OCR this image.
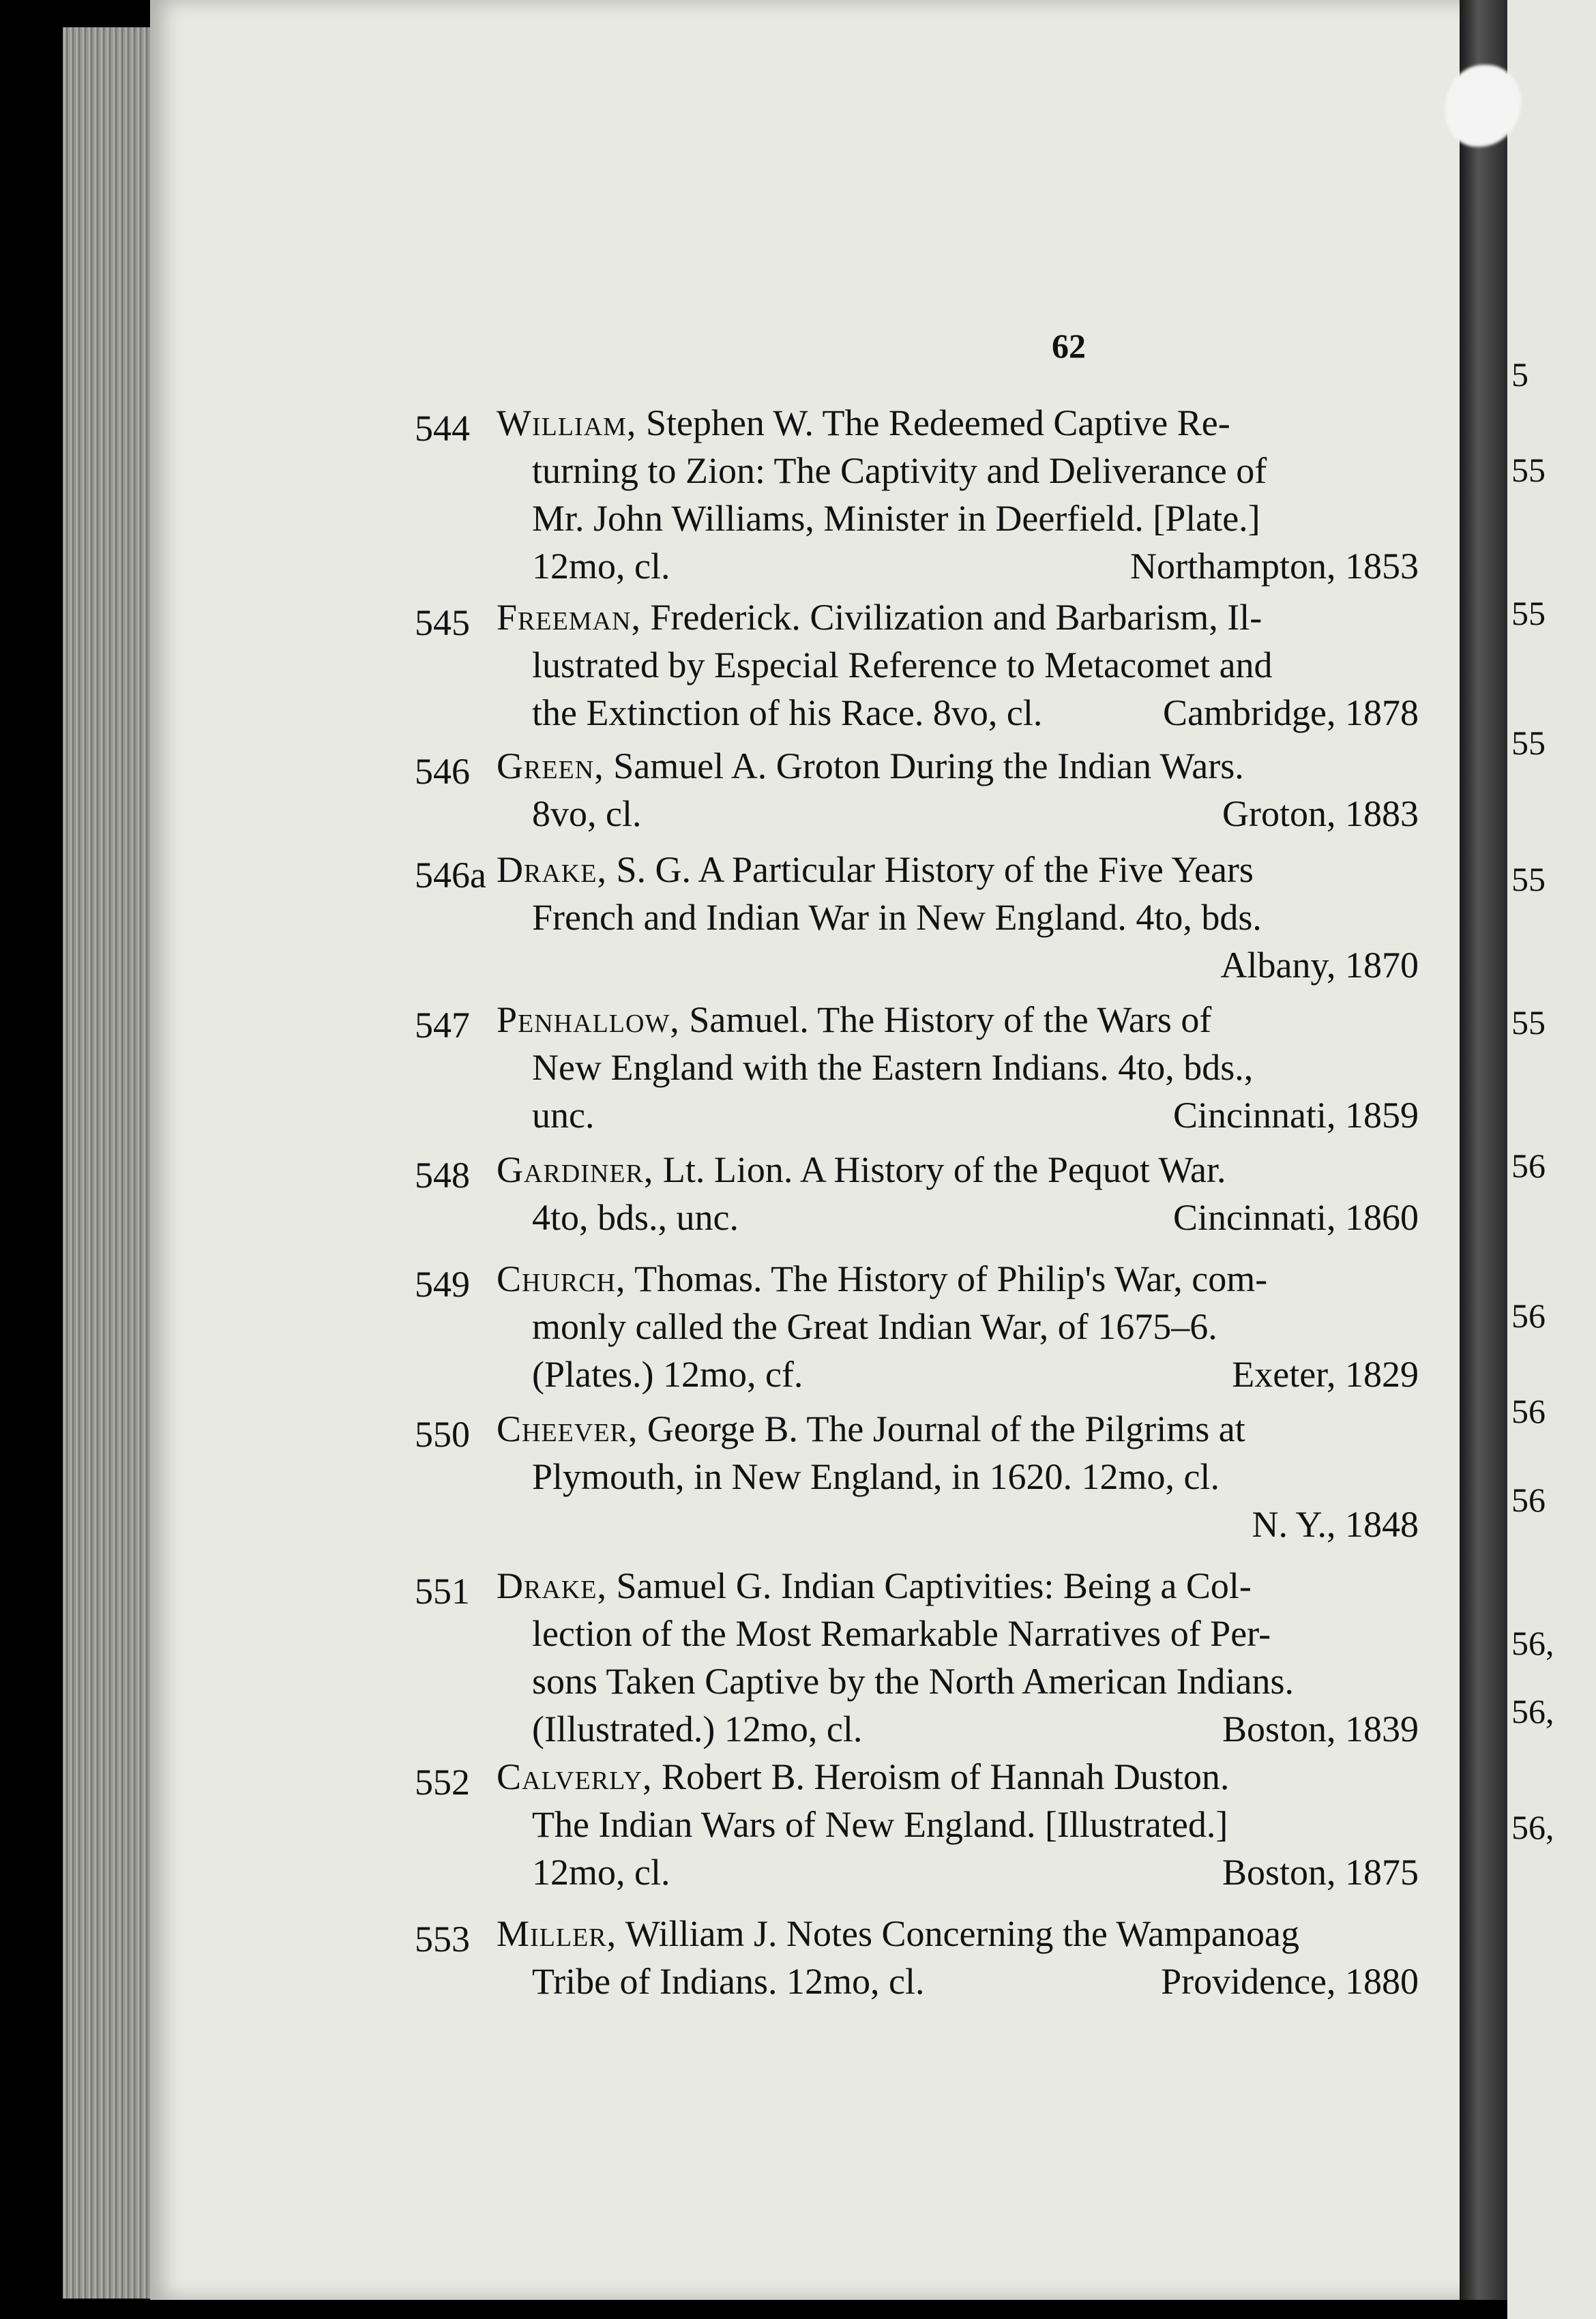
62
5
55
55
55
55
55
56
56
56
56
56,
56,
56,
544 William, Stephen W. The Redeemed Captive Re-
turning to Zion: The Captivity and Deliverance of
Mr. John Williams, Minister in Deerfield. [Plate.]
12mo, cl.	Northampton, 1853
545 Freeman, Frederick. Civilization and Barbarism, Il-
lustrated by Especial Reference to Metacomet and
the Extinction of his Race. 8vo, cl.	Cambridge, 1878
546 Green, Samuel A. Groton During the Indian Wars.
8vo, cl.	Groton, 1883
546a Drake, S. G. A Particular History of the Five Years
French and Indian War in New England. 4to, bds.
Albany, 1870
547 Penhallow, Samuel. The History of the Wars of
New England with the Eastern Indians. 4to, bds.,
unc.	Cincinnati, 1859
548 Gardiner, Lt. Lion. A History of the Pequot War.
4to, bds., unc.	Cincinnati, 1860
549 Church, Thomas. The History of Philip's War, com-
monly called the Great Indian War, of 1675–6.
(Plates.) 12mo, cf.	Exeter, 1829
550 Cheever, George B. The Journal of the Pilgrims at
Plymouth, in New England, in 1620. 12mo, cl.
N. Y., 1848
551 Drake, Samuel G. Indian Captivities: Being a Col-
lection of the Most Remarkable Narratives of Per-
sons Taken Captive by the North American Indians.
(Illustrated.) 12mo, cl.	Boston, 1839
552 Calverly, Robert B. Heroism of Hannah Duston.
The Indian Wars of New England. [Illustrated.]
12mo, cl.	Boston, 1875
553 Miller, William J. Notes Concerning the Wampanoag
Tribe of Indians. 12mo, cl.	Providence, 1880
